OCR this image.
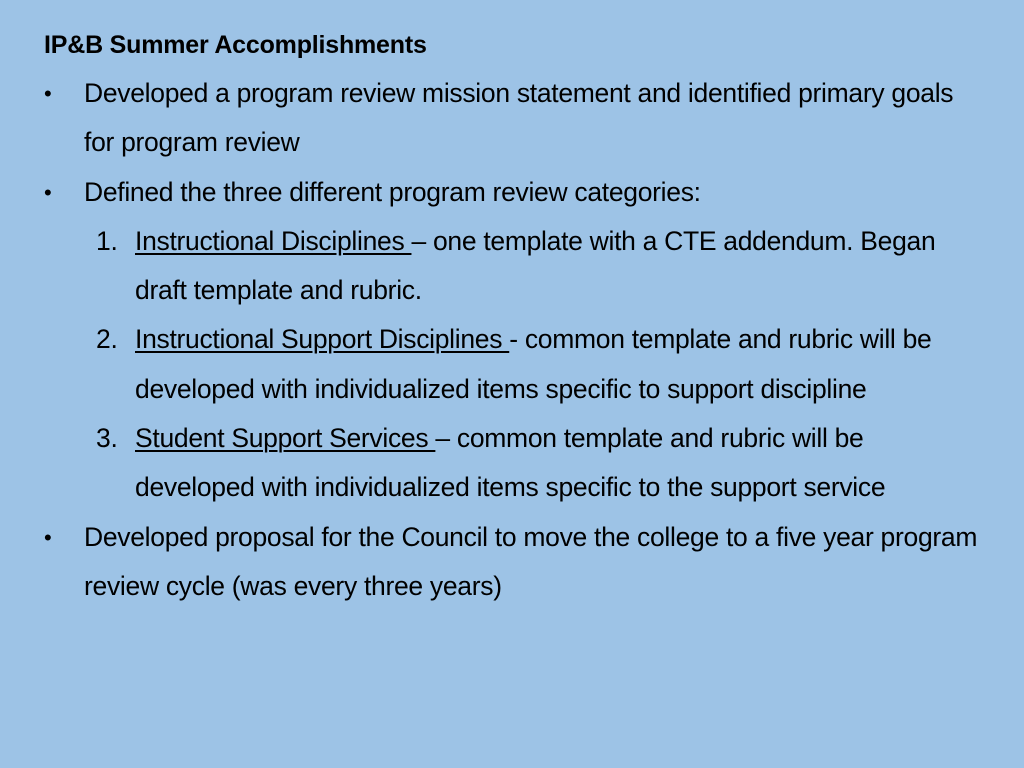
IP&B Summer Accomplishments
•	Developed a program review mission statement and identified primary goals for program review
•	Defined the three different program review categories:
1. Instructional Disciplines – one template with a CTE addendum. Began draft template and rubric.
2. Instructional Support Disciplines - common template and rubric will be developed with individualized items specific to support discipline
3. Student Support Services – common template and rubric will be developed with individualized items specific to the support service
•	Developed proposal for the Council to move the college to a five year program review cycle (was every three years)
